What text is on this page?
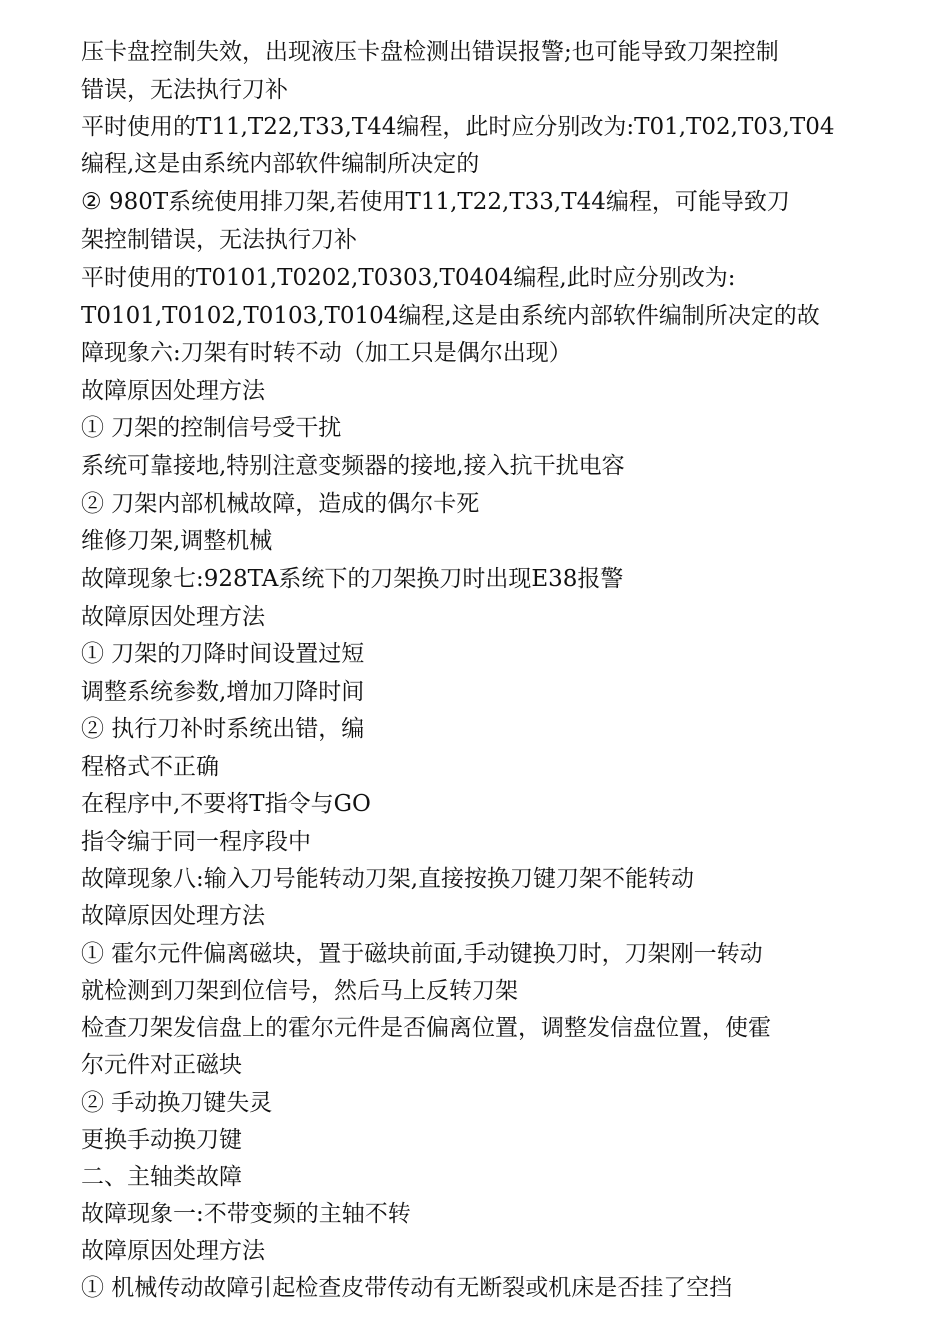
压卡盘控制失效，出现液压卡盘检测出错误报警;也可能导致刀架控制
错误，无法执行刀补
平时使用的T11,T22,T33,T44编程，此时应分别改为:T01,T02,T03,T04
编程,这是由系统内部软件编制所决定的
② 980T系统使用排刀架,若使用T11,T22,T33,T44编程，可能导致刀
架控制错误，无法执行刀补
平时使用的T0101,T0202,T0303,T0404编程,此时应分别改为:
T0101,T0102,T0103,T0104编程,这是由系统内部软件编制所决定的故
障现象六:刀架有时转不动（加工只是偶尔出现）
故障原因处理方法
① 刀架的控制信号受干扰
系统可靠接地,特别注意变频器的接地,接入抗干扰电容
② 刀架内部机械故障，造成的偶尔卡死
维修刀架,调整机械
故障现象七:928TA系统下的刀架换刀时出现E38报警
故障原因处理方法
① 刀架的刀降时间设置过短
调整系统参数,增加刀降时间
② 执行刀补时系统出错，编
程格式不正确
在程序中,不要将T指令与GO
指令编于同一程序段中
故障现象八:输入刀号能转动刀架,直接按换刀键刀架不能转动
故障原因处理方法
① 霍尔元件偏离磁块，置于磁块前面,手动键换刀时，刀架刚一转动
就检测到刀架到位信号，然后马上反转刀架
检查刀架发信盘上的霍尔元件是否偏离位置，调整发信盘位置，使霍
尔元件对正磁块
② 手动换刀键失灵
更换手动换刀键
二、主轴类故障
故障现象一:不带变频的主轴不转
故障原因处理方法
① 机械传动故障引起检查皮带传动有无断裂或机床是否挂了空挡
